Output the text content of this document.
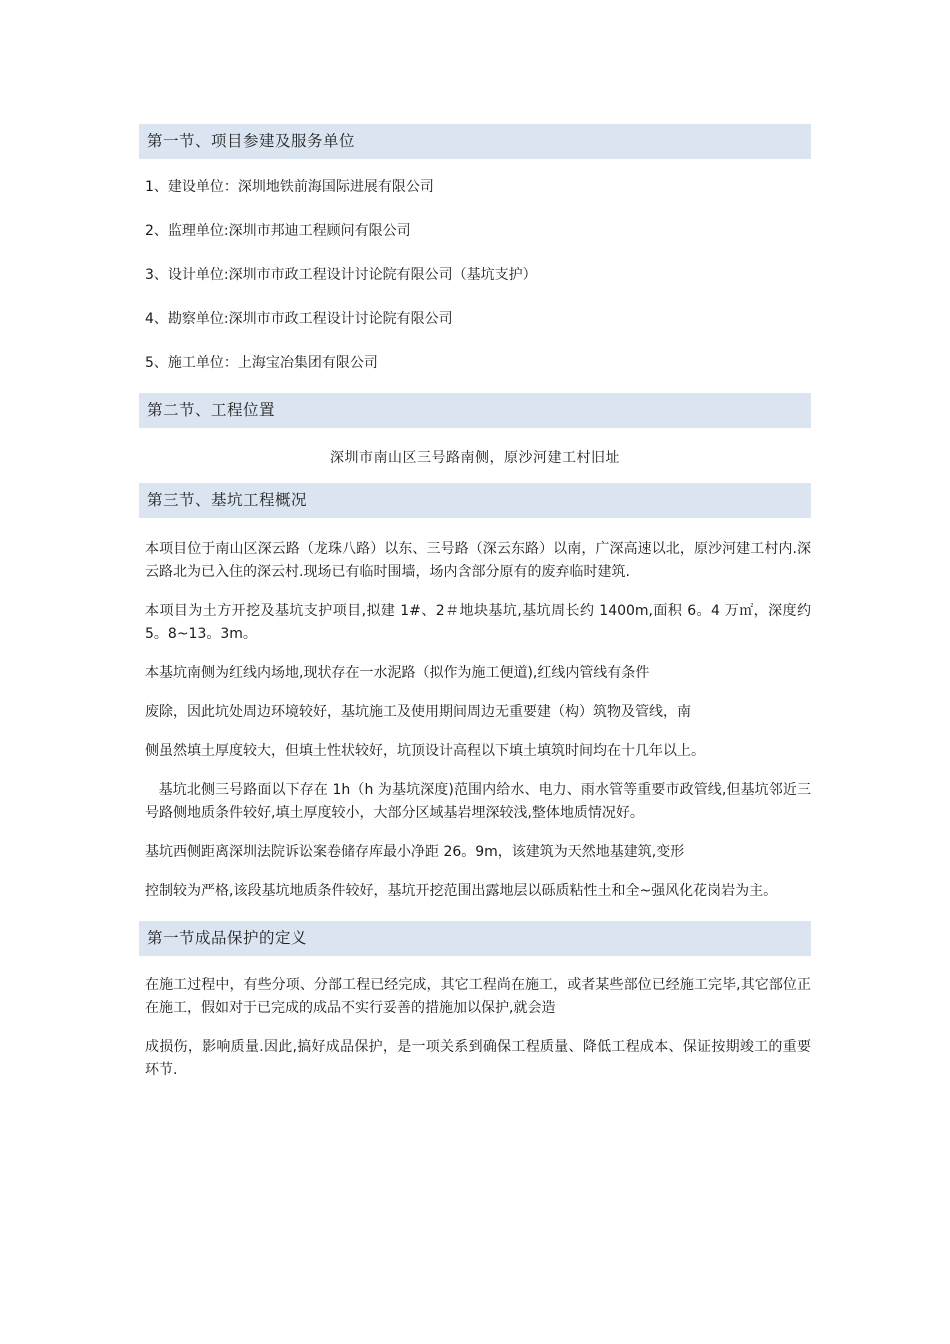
第一节、项目参建及服务单位
1、建设单位：深圳地铁前海国际进展有限公司
2、监理单位:深圳市邦迪工程顾问有限公司
3、设计单位:深圳市市政工程设计讨论院有限公司（基坑支护）
4、勘察单位:深圳市市政工程设计讨论院有限公司
5、施工单位：上海宝冶集团有限公司
第二节、工程位置
深圳市南山区三号路南侧，原沙河建工村旧址
第三节、基坑工程概况
本项目位于南山区深云路（龙珠八路）以东、三号路（深云东路）以南，广深高速以北，原沙河建工村内.深云路北为已入住的深云村.现场已有临时围墙，场内含部分原有的废弃临时建筑.
本项目为土方开挖及基坑支护项目,拟建 1#、2＃地块基坑,基坑周长约 1400m,面积 6。4 万㎡，深度约 5。8~13。3m。
本基坑南侧为红线内场地,现状存在一水泥路（拟作为施工便道),红线内管线有条件
废除，因此坑处周边环境较好，基坑施工及使用期间周边无重要建（构）筑物及管线，南
侧虽然填土厚度较大，但填土性状较好，坑顶设计高程以下填土填筑时间均在十几年以上。
基坑北侧三号路面以下存在 1h（h 为基坑深度)范围内给水、电力、雨水管等重要市政管线,但基坑邻近三号路侧地质条件较好,填土厚度较小，大部分区域基岩埋深较浅,整体地质情况好。
基坑西侧距离深圳法院诉讼案卷储存库最小净距 26。9m，该建筑为天然地基建筑,变形
控制较为严格,该段基坑地质条件较好，基坑开挖范围出露地层以砾质粘性土和全~强风化花岗岩为主。
第一节成品保护的定义
在施工过程中，有些分项、分部工程已经完成，其它工程尚在施工，或者某些部位已经施工完毕,其它部位正在施工，假如对于已完成的成品不实行妥善的措施加以保护,就会造
成损伤，影响质量.因此,搞好成品保护，是一项关系到确保工程质量、降低工程成本、保证按期竣工的重要环节.
